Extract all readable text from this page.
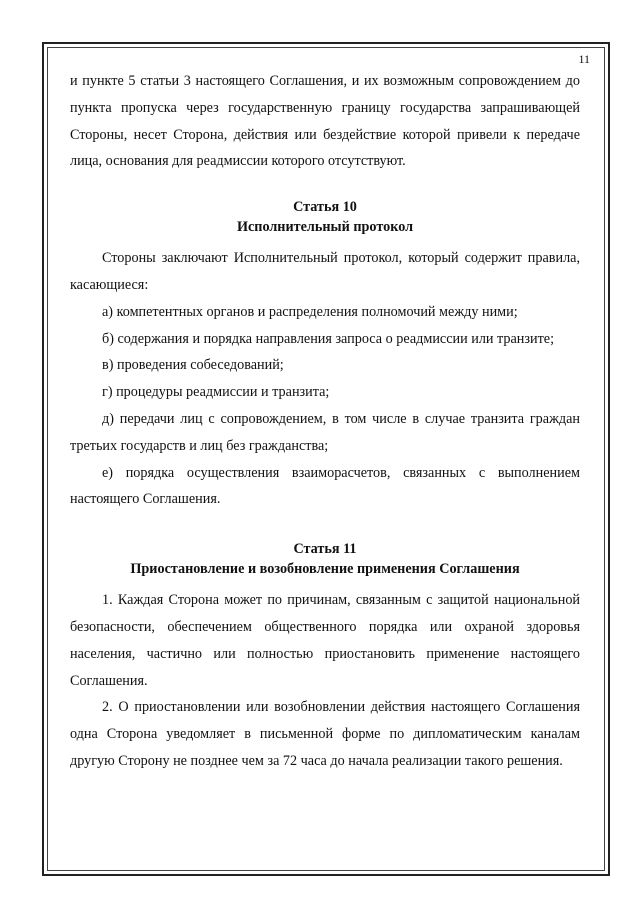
11

и пункте 5 статьи 3 настоящего Соглашения, и их возможным сопровождением до пункта пропуска через государственную границу государства запрашивающей Стороны, несет Сторона, действия или бездействие которой привели к передаче лица, основания для реадмиссии которого отсутствуют.

Статья 10

Исполнительный протокол

Стороны заключают Исполнительный протокол, который содержит правила, касающиеся:

а) компетентных органов и распределения полномочий между ними;

б) содержания и порядка направления запроса о реадмиссии или транзите;

в) проведения собеседований;

г) процедуры реадмиссии и транзита;

д) передачи лиц с сопровождением, в том числе в случае транзита граждан третьих государств и лиц без гражданства;

е) порядка осуществления взаиморасчетов, связанных с выполнением настоящего Соглашения.

Статья 11

Приостановление и возобновление применения Соглашения

1. Каждая Сторона может по причинам, связанным с защитой национальной безопасности, обеспечением общественного порядка или охраной здоровья населения, частично или полностью приостановить применение настоящего Соглашения.

2. О приостановлении или возобновлении действия настоящего Соглашения одна Сторона уведомляет в письменной форме по дипломатическим каналам другую Сторону не позднее чем за 72 часа до начала реализации такого решения.
